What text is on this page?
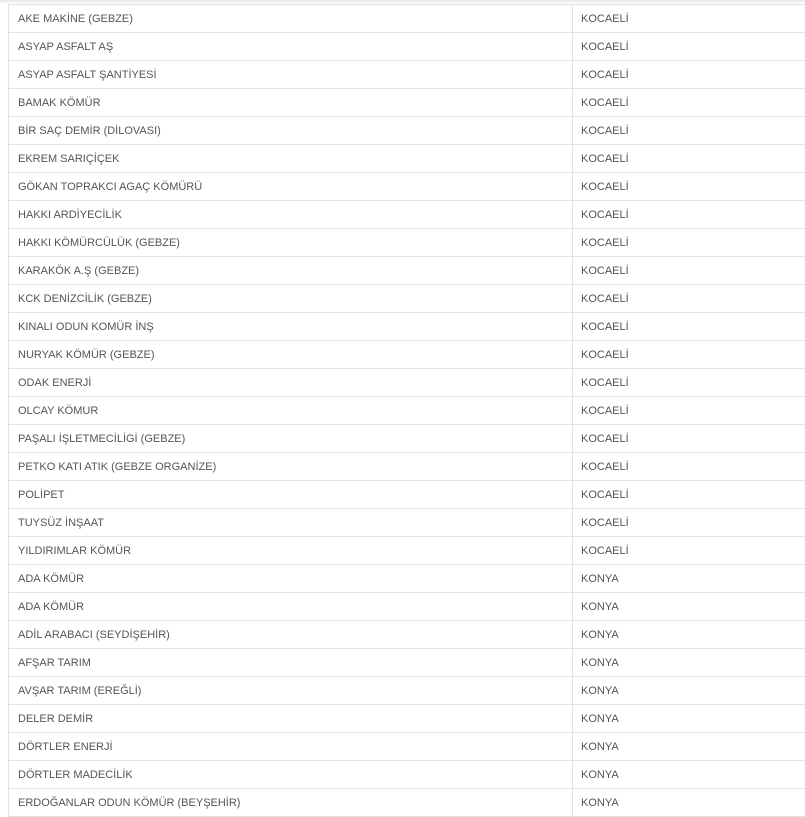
AKE MAKİNE (GEBZE)	KOCAELİ
ASYAP ASFALT AŞ	KOCAELİ
ASYAP ASFALT ŞANTİYESİ	KOCAELİ
BAMAK KÖMÜR	KOCAELİ
BİR SAÇ DEMİR (DİLOVASI)	KOCAELİ
EKREM SARIÇİÇEK	KOCAELİ
GÖKAN TOPRAKCI AGAÇ KÖMÜRÜ	KOCAELİ
HAKKI ARDİYECİLİK	KOCAELİ
HAKKI KÖMÜRCÜLÜK (GEBZE)	KOCAELİ
KARAKÖK A.Ş (GEBZE)	KOCAELİ
KCK DENİZCİLİK (GEBZE)	KOCAELİ
KINALI ODUN KOMÜR İNŞ	KOCAELİ
NURYAK KÖMÜR (GEBZE)	KOCAELİ
ODAK ENERJİ	KOCAELİ
OLCAY KÖMUR	KOCAELİ
PAŞALI İŞLETMECİLİGİ (GEBZE)	KOCAELİ
PETKO KATI ATIK (GEBZE ORGANİZE)	KOCAELİ
POLİPET	KOCAELİ
TUYSÜZ İNŞAAT	KOCAELİ
YILDIRIMLAR KÖMÜR	KOCAELİ
ADA KÖMÜR	KONYA
ADA KÖMÜR	KONYA
ADİL ARABACI (SEYDİŞEHİR)	KONYA
AFŞAR TARIM	KONYA
AVŞAR TARIM (EREĞLİ)	KONYA
DELER DEMİR	KONYA
DÖRTLER ENERJİ	KONYA
DÖRTLER MADECİLİK	KONYA
ERDOĞANLAR ODUN KÖMÜR (BEYŞEHİR)	KONYA
